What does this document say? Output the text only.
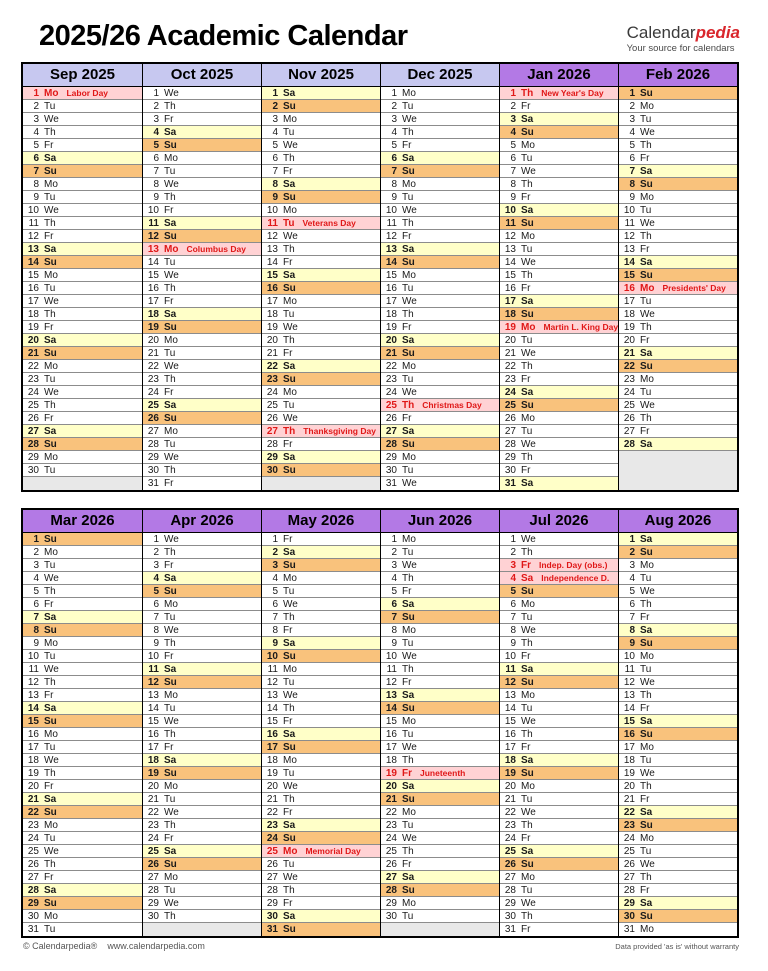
2025/26 Academic Calendar	Calendarpedia
Your source for calendars
Sep 2025
1 Mo Labor Day
2 Tu
3 We
4 Th
5 Fr
6 Sa
7 Su
8 Mo
9 Tu
10 We
11 Th
12 Fr
13 Sa
14 Su
15 Mo
16 Tu
17 We
18 Th
19 Fr
20 Sa
21 Su
22 Mo
23 Tu
24 We
25 Th
26 Fr
27 Sa
28 Su
29 Mo
30 Tu
Oct 2025
1 We
2 Th
3 Fr
4 Sa
5 Su
6 Mo
7 Tu
8 We
9 Th
10 Fr
11 Sa
12 Su
13 Mo Columbus Day
14 Tu
15 We
16 Th
17 Fr
18 Sa
19 Su
20 Mo
21 Tu
22 We
23 Th
24 Fr
25 Sa
26 Su
27 Mo
28 Tu
29 We
30 Th
31 Fr
Nov 2025
1 Sa
2 Su
3 Mo
4 Tu
5 We
6 Th
7 Fr
8 Sa
9 Su
10 Mo
11 Tu Veterans Day
12 We
13 Th
14 Fr
15 Sa
16 Su
17 Mo
18 Tu
19 We
20 Th
21 Fr
22 Sa
23 Su
24 Mo
25 Tu
26 We
27 Th Thanksgiving Day
28 Fr
29 Sa
30 Su
Dec 2025
1 Mo
2 Tu
3 We
4 Th
5 Fr
6 Sa
7 Su
8 Mo
9 Tu
10 We
11 Th
12 Fr
13 Sa
14 Su
15 Mo
16 Tu
17 We
18 Th
19 Fr
20 Sa
21 Su
22 Mo
23 Tu
24 We
25 Th Christmas Day
26 Fr
27 Sa
28 Su
29 Mo
30 Tu
31 We
Jan 2026
1 Th New Year's Day
2 Fr
3 Sa
4 Su
5 Mo
6 Tu
7 We
8 Th
9 Fr
10 Sa
11 Su
12 Mo
13 Tu
14 We
15 Th
16 Fr
17 Sa
18 Su
19 Mo Martin L. King Day
20 Tu
21 We
22 Th
23 Fr
24 Sa
25 Su
26 Mo
27 Tu
28 We
29 Th
30 Fr
31 Sa
Feb 2026
1 Su
2 Mo
3 Tu
4 We
5 Th
6 Fr
7 Sa
8 Su
9 Mo
10 Tu
11 We
12 Th
13 Fr
14 Sa
15 Su
16 Mo Presidents' Day
17 Tu
18 We
19 Th
20 Fr
21 Sa
22 Su
23 Mo
24 Tu
25 We
26 Th
27 Fr
28 Sa
Mar 2026
1 Su
2 Mo
3 Tu
4 We
5 Th
6 Fr
7 Sa
8 Su
9 Mo
10 Tu
11 We
12 Th
13 Fr
14 Sa
15 Su
16 Mo
17 Tu
18 We
19 Th
20 Fr
21 Sa
22 Su
23 Mo
24 Tu
25 We
26 Th
27 Fr
28 Sa
29 Su
30 Mo
31 Tu
Apr 2026
1 We
2 Th
3 Fr
4 Sa
5 Su
6 Mo
7 Tu
8 We
9 Th
10 Fr
11 Sa
12 Su
13 Mo
14 Tu
15 We
16 Th
17 Fr
18 Sa
19 Su
20 Mo
21 Tu
22 We
23 Th
24 Fr
25 Sa
26 Su
27 Mo
28 Tu
29 We
30 Th
May 2026
1 Fr
2 Sa
3 Su
4 Mo
5 Tu
6 We
7 Th
8 Fr
9 Sa
10 Su
11 Mo
12 Tu
13 We
14 Th
15 Fr
16 Sa
17 Su
18 Mo
19 Tu
20 We
21 Th
22 Fr
23 Sa
24 Su
25 Mo Memorial Day
26 Tu
27 We
28 Th
29 Fr
30 Sa
31 Su
Jun 2026
1 Mo
2 Tu
3 We
4 Th
5 Fr
6 Sa
7 Su
8 Mo
9 Tu
10 We
11 Th
12 Fr
13 Sa
14 Su
15 Mo
16 Tu
17 We
18 Th
19 Fr Juneteenth
20 Sa
21 Su
22 Mo
23 Tu
24 We
25 Th
26 Fr
27 Sa
28 Su
29 Mo
30 Tu
Jul 2026
1 We
2 Th
3 Fr Indep. Day (obs.)
4 Sa Independence D.
5 Su
6 Mo
7 Tu
8 We
9 Th
10 Fr
11 Sa
12 Su
13 Mo
14 Tu
15 We
16 Th
17 Fr
18 Sa
19 Su
20 Mo
21 Tu
22 We
23 Th
24 Fr
25 Sa
26 Su
27 Mo
28 Tu
29 We
30 Th
31 Fr
Aug 2026
1 Sa
2 Su
3 Mo
4 Tu
5 We
6 Th
7 Fr
8 Sa
9 Su
10 Mo
11 Tu
12 We
13 Th
14 Fr
15 Sa
16 Su
17 Mo
18 Tu
19 We
20 Th
21 Fr
22 Sa
23 Su
24 Mo
25 Tu
26 We
27 Th
28 Fr
29 Sa
30 Su
31 Mo
© Calendarpedia® www.calendarpedia.com	Data provided 'as is' without warranty
